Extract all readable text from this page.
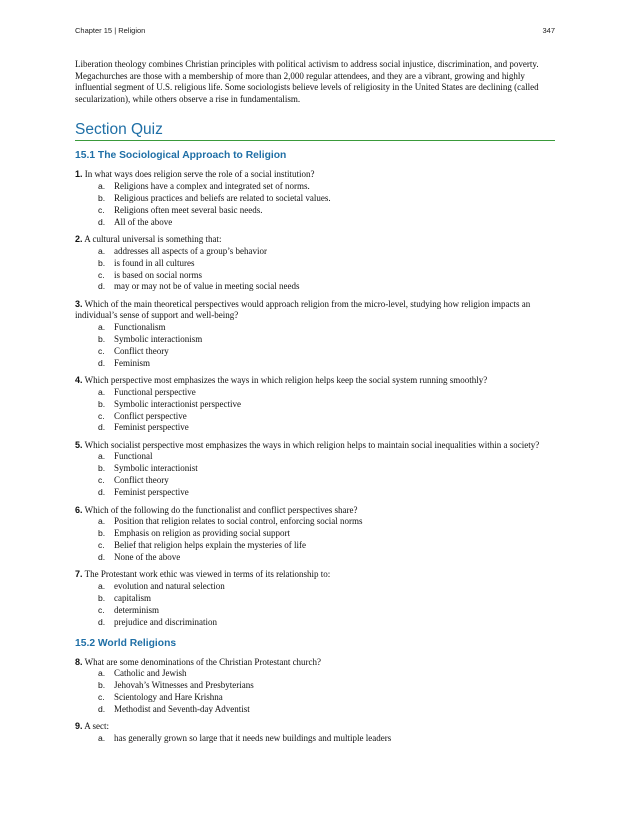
Chapter 15 | Religion	347

Liberation theology combines Christian principles with political activism to address social injustice, discrimination, and poverty. Megachurches are those with a membership of more than 2,000 regular attendees, and they are a vibrant, growing and highly influential segment of U.S. religious life. Some sociologists believe levels of religiosity in the United States are declining (called secularization), while others observe a rise in fundamentalism.

Section Quiz
15.1 The Sociological Approach to Religion
1. In what ways does religion serve the role of a social institution?
a. Religions have a complex and integrated set of norms.
b. Religious practices and beliefs are related to societal values.
c. Religions often meet several basic needs.
d. All of the above
2. A cultural universal is something that:
a. addresses all aspects of a group’s behavior
b. is found in all cultures
c. is based on social norms
d. may or may not be of value in meeting social needs
3. Which of the main theoretical perspectives would approach religion from the micro-level, studying how religion impacts an individual’s sense of support and well-being?
a. Functionalism
b. Symbolic interactionism
c. Conflict theory
d. Feminism
4. Which perspective most emphasizes the ways in which religion helps keep the social system running smoothly?
a. Functional perspective
b. Symbolic interactionist perspective
c. Conflict perspective
d. Feminist perspective
5. Which socialist perspective most emphasizes the ways in which religion helps to maintain social inequalities within a society?
a. Functional
b. Symbolic interactionist
c. Conflict theory
d. Feminist perspective
6. Which of the following do the functionalist and conflict perspectives share?
a. Position that religion relates to social control, enforcing social norms
b. Emphasis on religion as providing social support
c. Belief that religion helps explain the mysteries of life
d. None of the above
7. The Protestant work ethic was viewed in terms of its relationship to:
a. evolution and natural selection
b. capitalism
c. determinism
d. prejudice and discrimination
15.2 World Religions
8. What are some denominations of the Christian Protestant church?
a. Catholic and Jewish
b. Jehovah’s Witnesses and Presbyterians
c. Scientology and Hare Krishna
d. Methodist and Seventh-day Adventist
9. A sect:
a. has generally grown so large that it needs new buildings and multiple leaders
